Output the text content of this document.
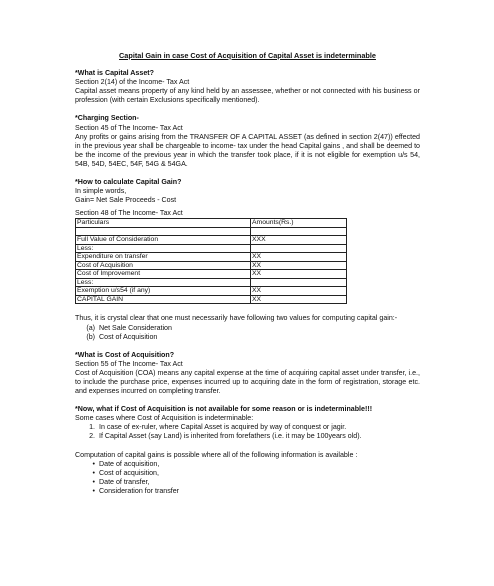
Capital Gain in case Cost of Acquisition of Capital Asset is indeterminable

*What is Capital Asset?

Section 2(14) of the Income- Tax Act

Capital asset means property of any kind held by an assessee, whether or not connected with his business or profession (with certain Exclusions specifically mentioned).

*Charging Section-

Section 45 of The Income- Tax Act

Any profits or gains arising from the TRANSFER OF A CAPITAL ASSET (as defined in section 2(47)) effected in the previous year shall be chargeable to income- tax under the head Capital gains , and shall be deemed to be the income of the previous year in which the transfer took place, if it is not eligible for exemption u/s 54, 54B, 54D, 54EC, 54F, 54G & 54GA.

*How to calculate Capital Gain?

In simple words,

Gain= Net Sale Proceeds - Cost

Section 48 of The Income- Tax Act

Particulars	Amounts(Rs.)

Full Value of Consideration	XXX
Less:	
Expenditure on transfer	XX
Cost of Acquisition	XX
Cost of Improvement	XX
Less:	
Exemption u/s54 (if any)	XX
CAPITAL GAIN	XX

Thus, it is crystal clear that one must necessarily have following two values for computing capital gain:-

(a) Net Sale Consideration
(b) Cost of Acquisition

*What is Cost of Acquisition?

Section 55 of The Income- Tax Act

Cost of Acquisition (COA) means any capital expense at the time of acquiring capital asset under transfer, i.e., to include the purchase price, expenses incurred up to acquiring date in the form of registration, storage etc. and expenses incurred on completing transfer.

*Now, what if Cost of Acquisition is not available for some reason or is indeterminable!!!

Some cases where Cost of Acquisition is indeterminable:

1. In case of ex-ruler, where Capital Asset is acquired by way of conquest or jagir.
2. If Capital Asset (say Land) is inherited from forefathers (i.e. it may be 100years old).

Computation of capital gains is possible where all of the following information is available :

• Date of acquisition,
• Cost of acquisition,
• Date of transfer,
• Consideration for transfer
